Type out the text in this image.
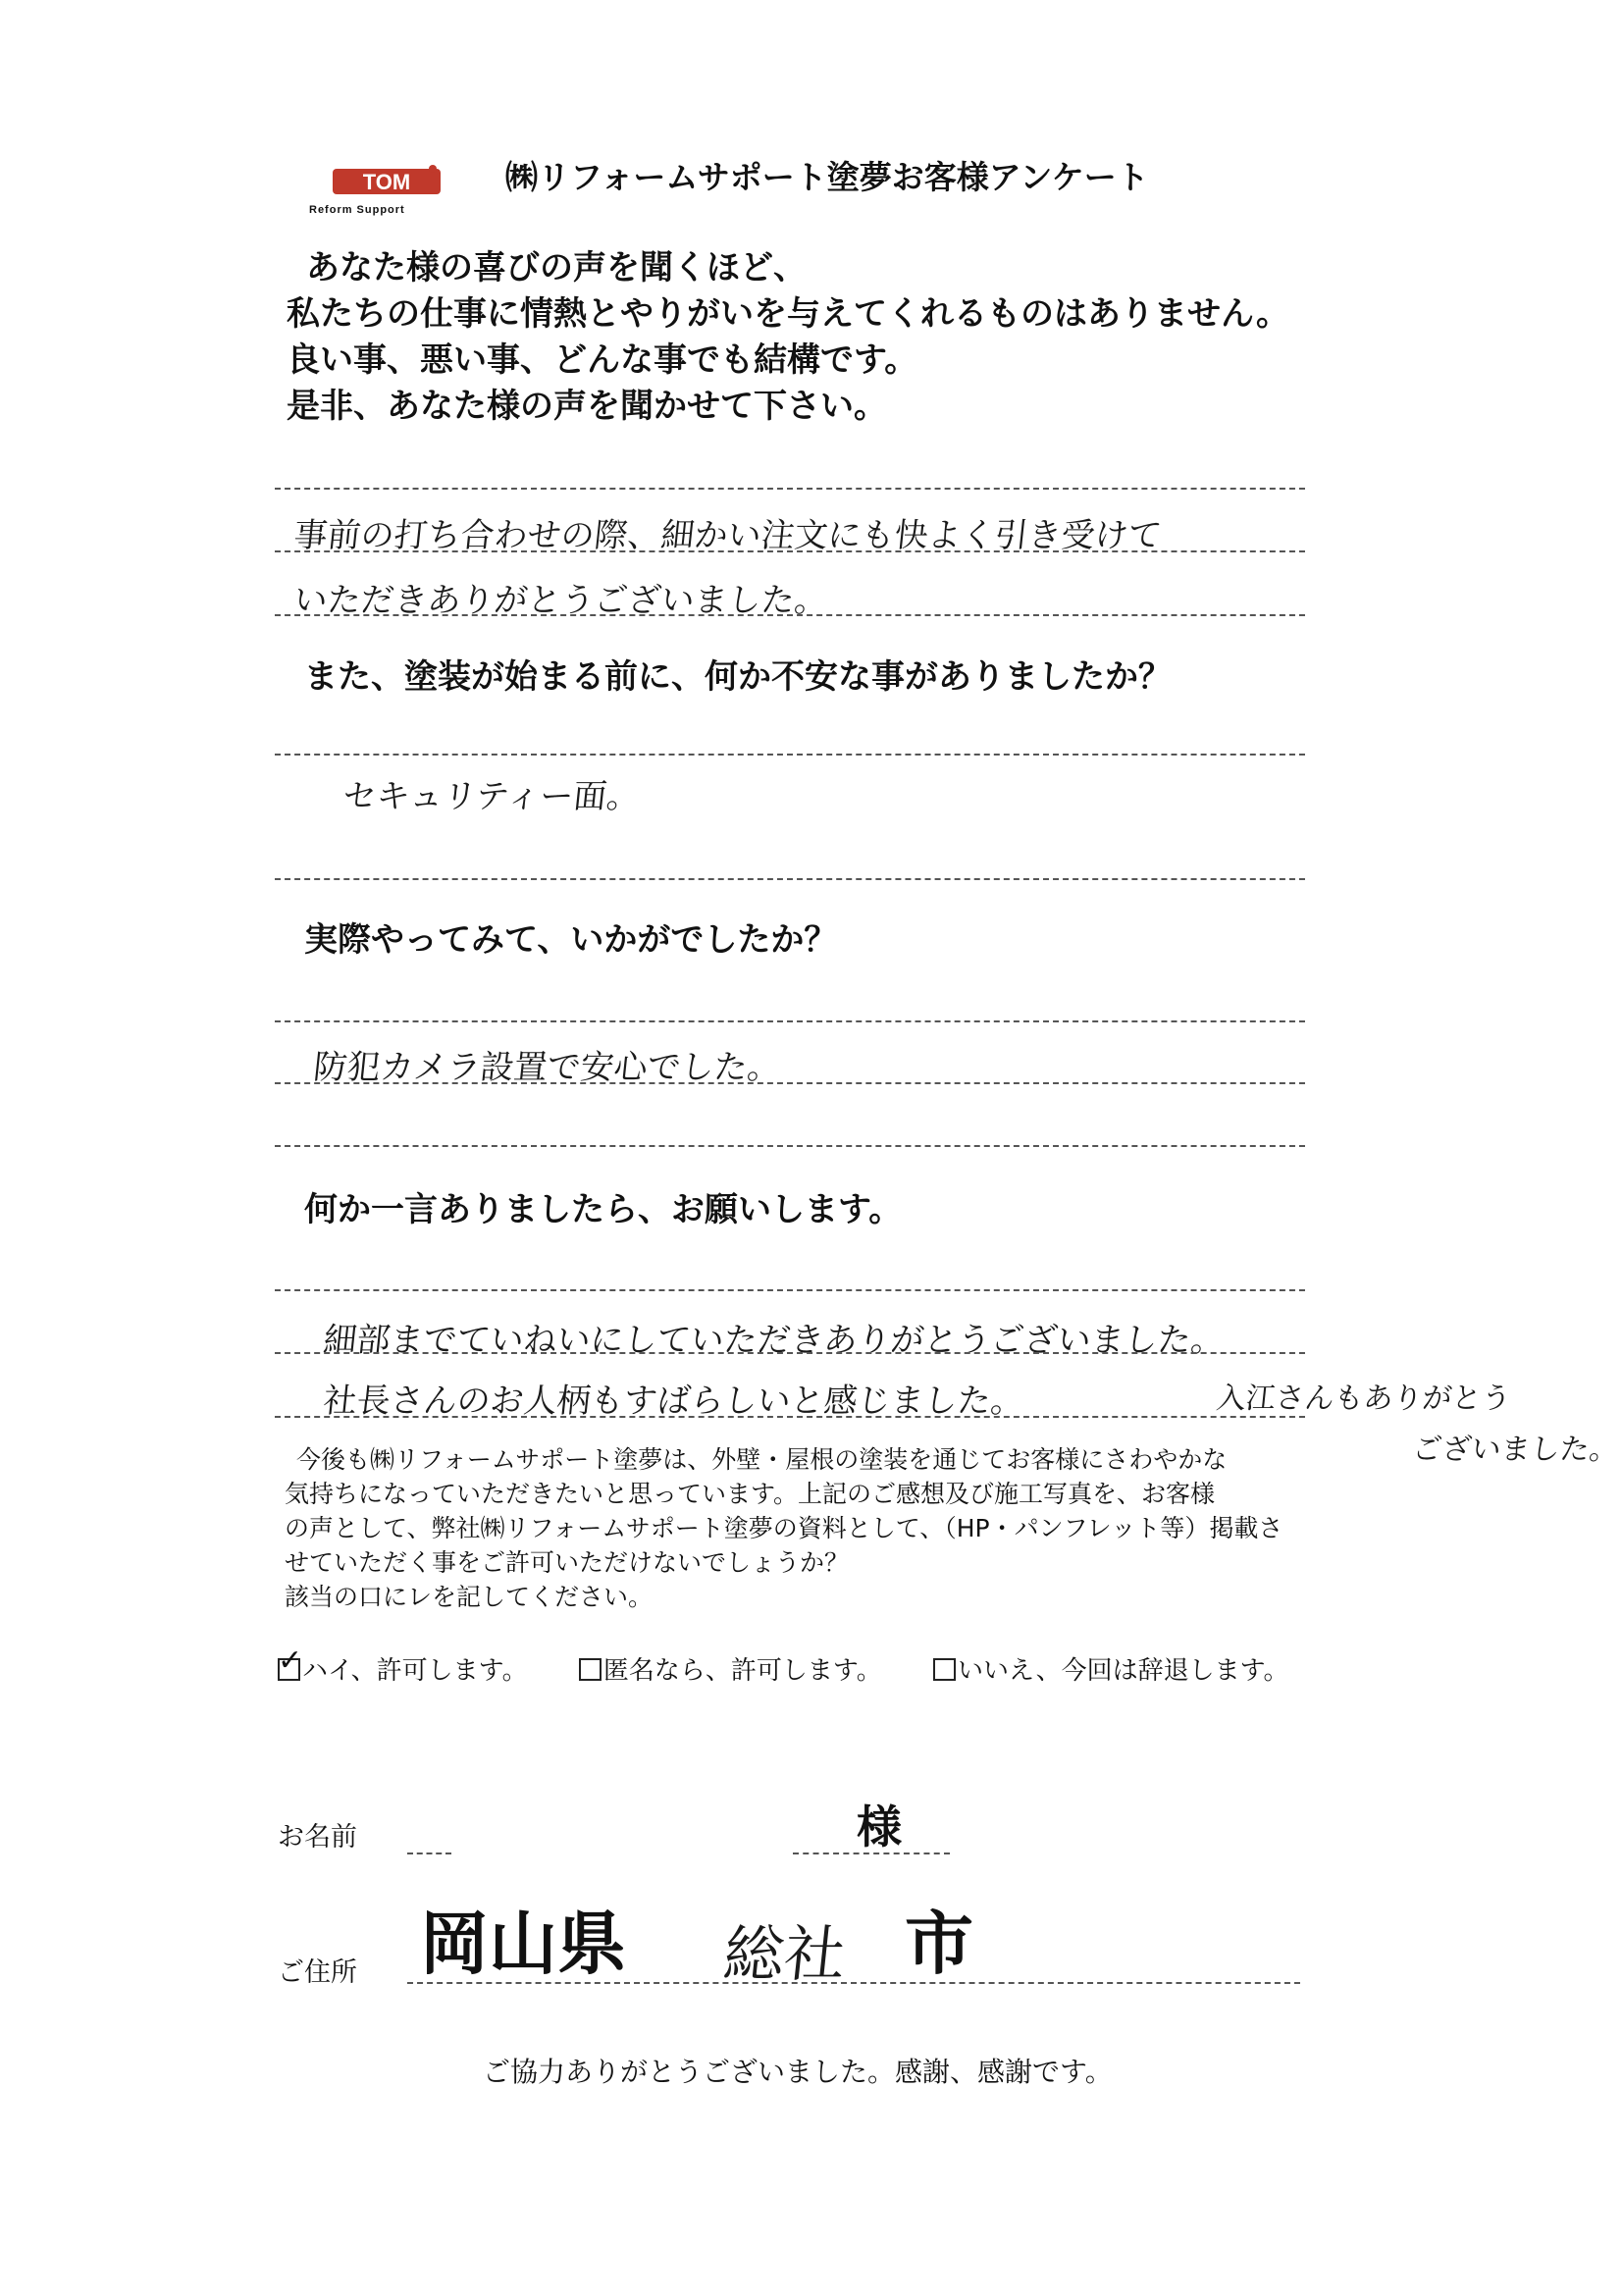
TOM
Reform Support
㈱リフォームサポート塗夢お客様アンケート
あなた様の喜びの声を聞くほど、
私たちの仕事に情熱とやりがいを与えてくれるものはありません。
良い事、悪い事、どんな事でも結構です。
是非、あなた様の声を聞かせて下さい。
事前の打ち合わせの際、細かい注文にも快よく引き受けて
いただきありがとうございました。
また、塗装が始まる前に、何か不安な事がありましたか？
セキュリティー面。
実際やってみて、いかがでしたか？
防犯カメラ設置で安心でした。
何か一言ありましたら、お願いします。
細部までていねいにしていただきありがとうございました。
社長さんのお人柄もすばらしいと感じました。	入江さんもありがとう
ございました。
今後も㈱リフォームサポート塗夢は、外壁・屋根の塗装を通じてお客様にさわやかな
気持ちになっていただきたいと思っています。上記のご感想及び施工写真を、お客様
の声として、弊社㈱リフォームサポート塗夢の資料として、（HP・パンフレット等）掲載さ
せていただく事をご許可いただけないでしょうか？
該当の口にレを記してください。
✓ ハイ、許可します。	匿名なら、許可します。	いいえ、今回は辞退します。
お名前	様
ご住所 岡山県 総社 市
ご協力ありがとうございました。感謝、感謝です。
